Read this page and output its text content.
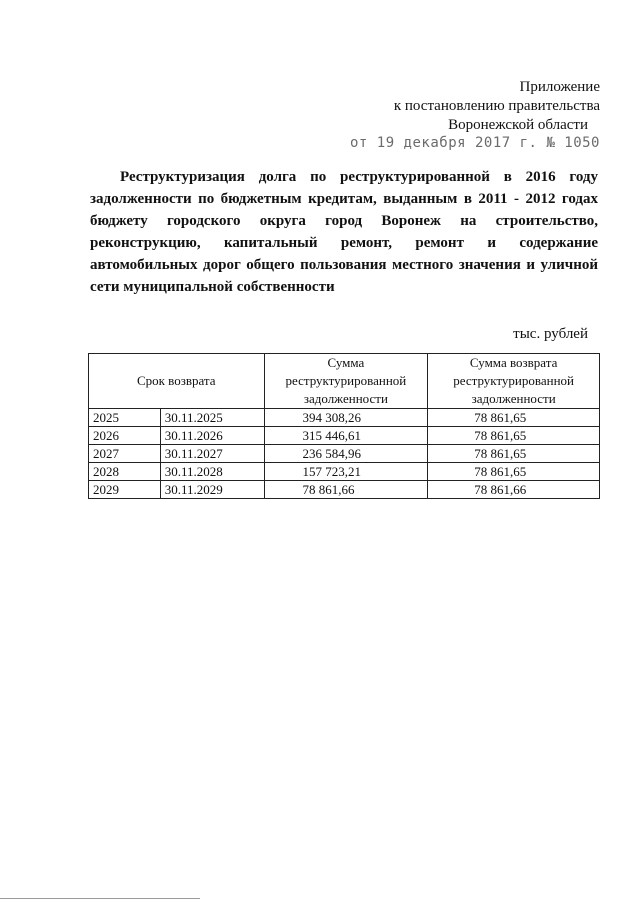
Приложение
к постановлению правительства
Воронежской области
от 19 декабря 2017 г. № 1050
Реструктуризация долга по реструктурированной в 2016 году
задолженности по бюджетным кредитам, выданным в 2011 - 2012 годах
бюджету городского округа город Воронеж на строительство,
реконструкцию, капитальный ремонт, ремонт и содержание
автомобильных дорог общего пользования местного значения и уличной
сети муниципальной собственности
тыс. рублей
Срок возврата		Сумма реструктурированной задолженности	Сумма возврата реструктурированной задолженности
2025	30.11.2025	394 308,26	78 861,65
2026	30.11.2026	315 446,61	78 861,65
2027	30.11.2027	236 584,96	78 861,65
2028	30.11.2028	157 723,21	78 861,65
2029	30.11.2029	78 861,66	78 861,66
